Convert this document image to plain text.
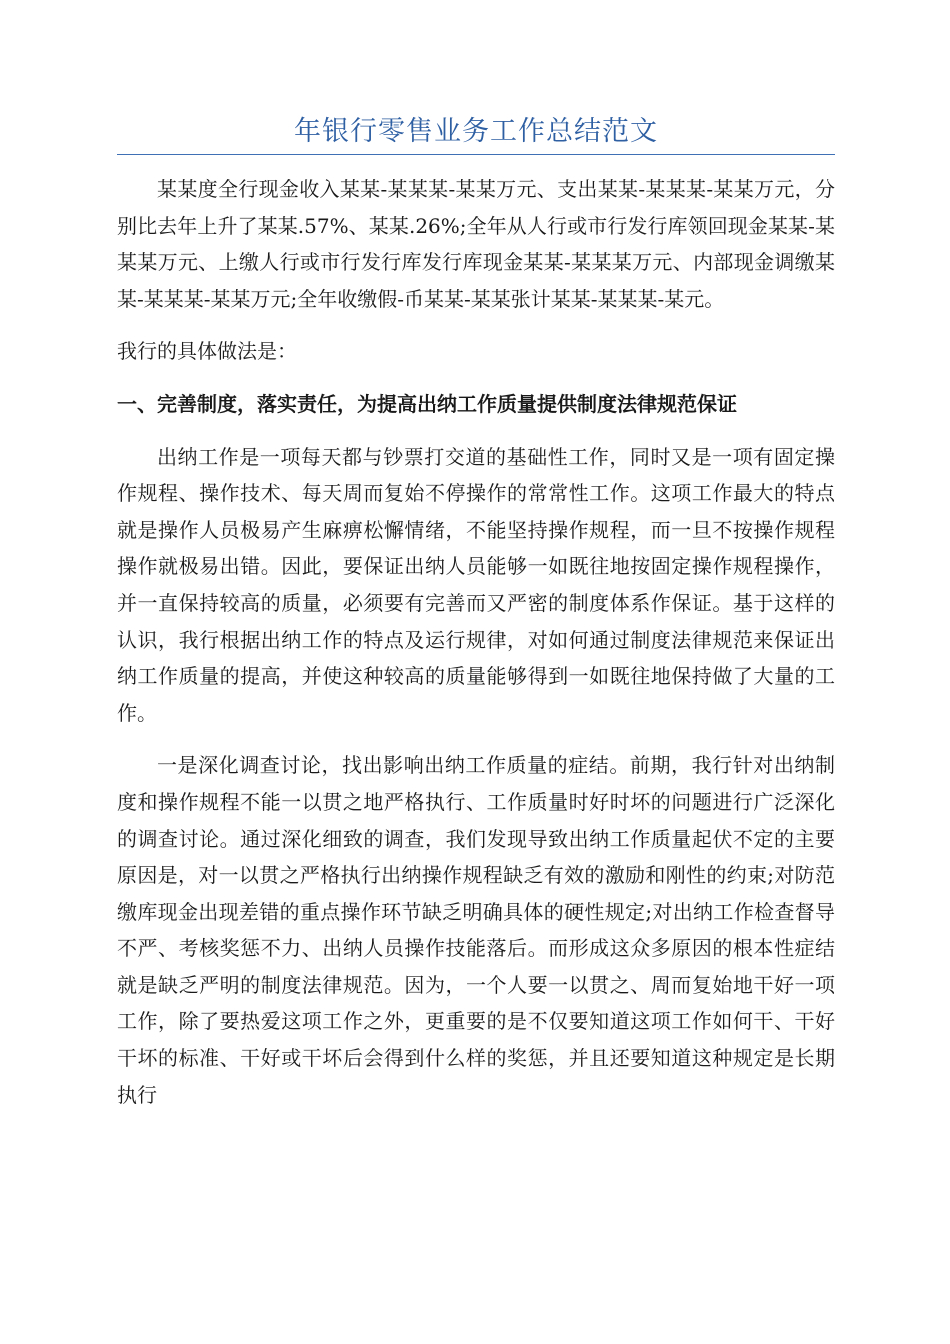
年银行零售业务工作总结范文

某某度全行现金收入某某-某某某-某某万元、支出某某-某某某-某某万元，分别比去年上升了某某.57%、某某.26%;全年从人行或市行发行库领回现金某某-某某某万元、上缴人行或市行发行库发行库现金某某-某某某万元、内部现金调缴某某-某某某-某某万元;全年收缴假-币某某-某某张计某某-某某某-某元。

我行的具体做法是：

一、完善制度，落实责任，为提高出纳工作质量提供制度法律规范保证

出纳工作是一项每天都与钞票打交道的基础性工作，同时又是一项有固定操作规程、操作技术、每天周而复始不停操作的常常性工作。这项工作最大的特点就是操作人员极易产生麻痹松懈情绪，不能坚持操作规程，而一旦不按操作规程操作就极易出错。因此，要保证出纳人员能够一如既往地按固定操作规程操作，并一直保持较高的质量，必须要有完善而又严密的制度体系作保证。基于这样的认识，我行根据出纳工作的特点及运行规律，对如何通过制度法律规范来保证出纳工作质量的提高，并使这种较高的质量能够得到一如既往地保持做了大量的工作。

一是深化调查讨论，找出影响出纳工作质量的症结。前期，我行针对出纳制度和操作规程不能一以贯之地严格执行、工作质量时好时坏的问题进行广泛深化的调查讨论。通过深化细致的调查，我们发现导致出纳工作质量起伏不定的主要原因是，对一以贯之严格执行出纳操作规程缺乏有效的激励和刚性的约束;对防范缴库现金出现差错的重点操作环节缺乏明确具体的硬性规定;对出纳工作检查督导不严、考核奖惩不力、出纳人员操作技能落后。而形成这众多原因的根本性症结就是缺乏严明的制度法律规范。因为，一个人要一以贯之、周而复始地干好一项工作，除了要热爱这项工作之外，更重要的是不仅要知道这项工作如何干、干好干坏的标准、干好或干坏后会得到什么样的奖惩，并且还要知道这种规定是长期执行
